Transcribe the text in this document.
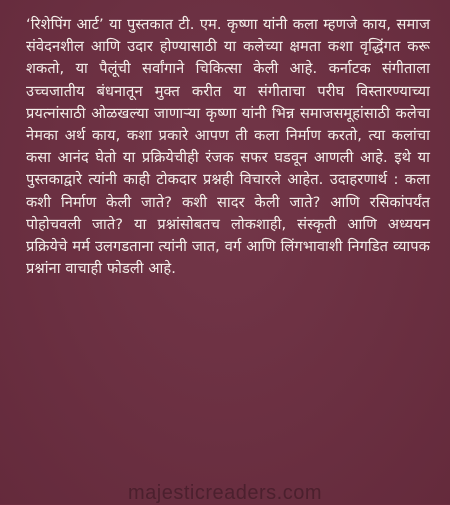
‘रिशेपिंग आर्ट’ या पुस्तकात टी. एम. कृष्णा यांनी कला म्हणजे काय, समाज संवेदनशील आणि उदार होण्यासाठी या कलेच्या क्षमता कशा वृद्धिंगत करू शकतो, या पैलूंची सर्वांगाने चिकित्सा केली आहे. कर्नाटक संगीताला उच्चजातीय बंधनातून मुक्त करीत या संगीताचा परीघ विस्तारण्याच्या प्रयत्नांसाठी ओळखल्या जाणाऱ्या कृष्णा यांनी भिन्न समाजसमूहांसाठी कलेचा नेमका अर्थ काय, कशा प्रकारे आपण ती कला निर्माण करतो, त्या कलांचा कसा आनंद घेतो या प्रक्रियेचीही रंजक सफर घडवून आणली आहे. इथे या पुस्तकाद्वारे त्यांनी काही टोकदार प्रश्नही विचारले आहेत. उदाहरणार्थ : कला कशी निर्माण केली जाते? कशी सादर केली जाते? आणि रसिकांपर्यंत पोहोचवली जाते? या प्रश्नांसोबतच लोकशाही, संस्कृती आणि अध्ययन प्रक्रियेचे मर्म उलगडताना त्यांनी जात, वर्ग आणि लिंगभावाशी निगडित व्यापक प्रश्नांना वाचाही फोडली आहे.

majesticreaders.com
